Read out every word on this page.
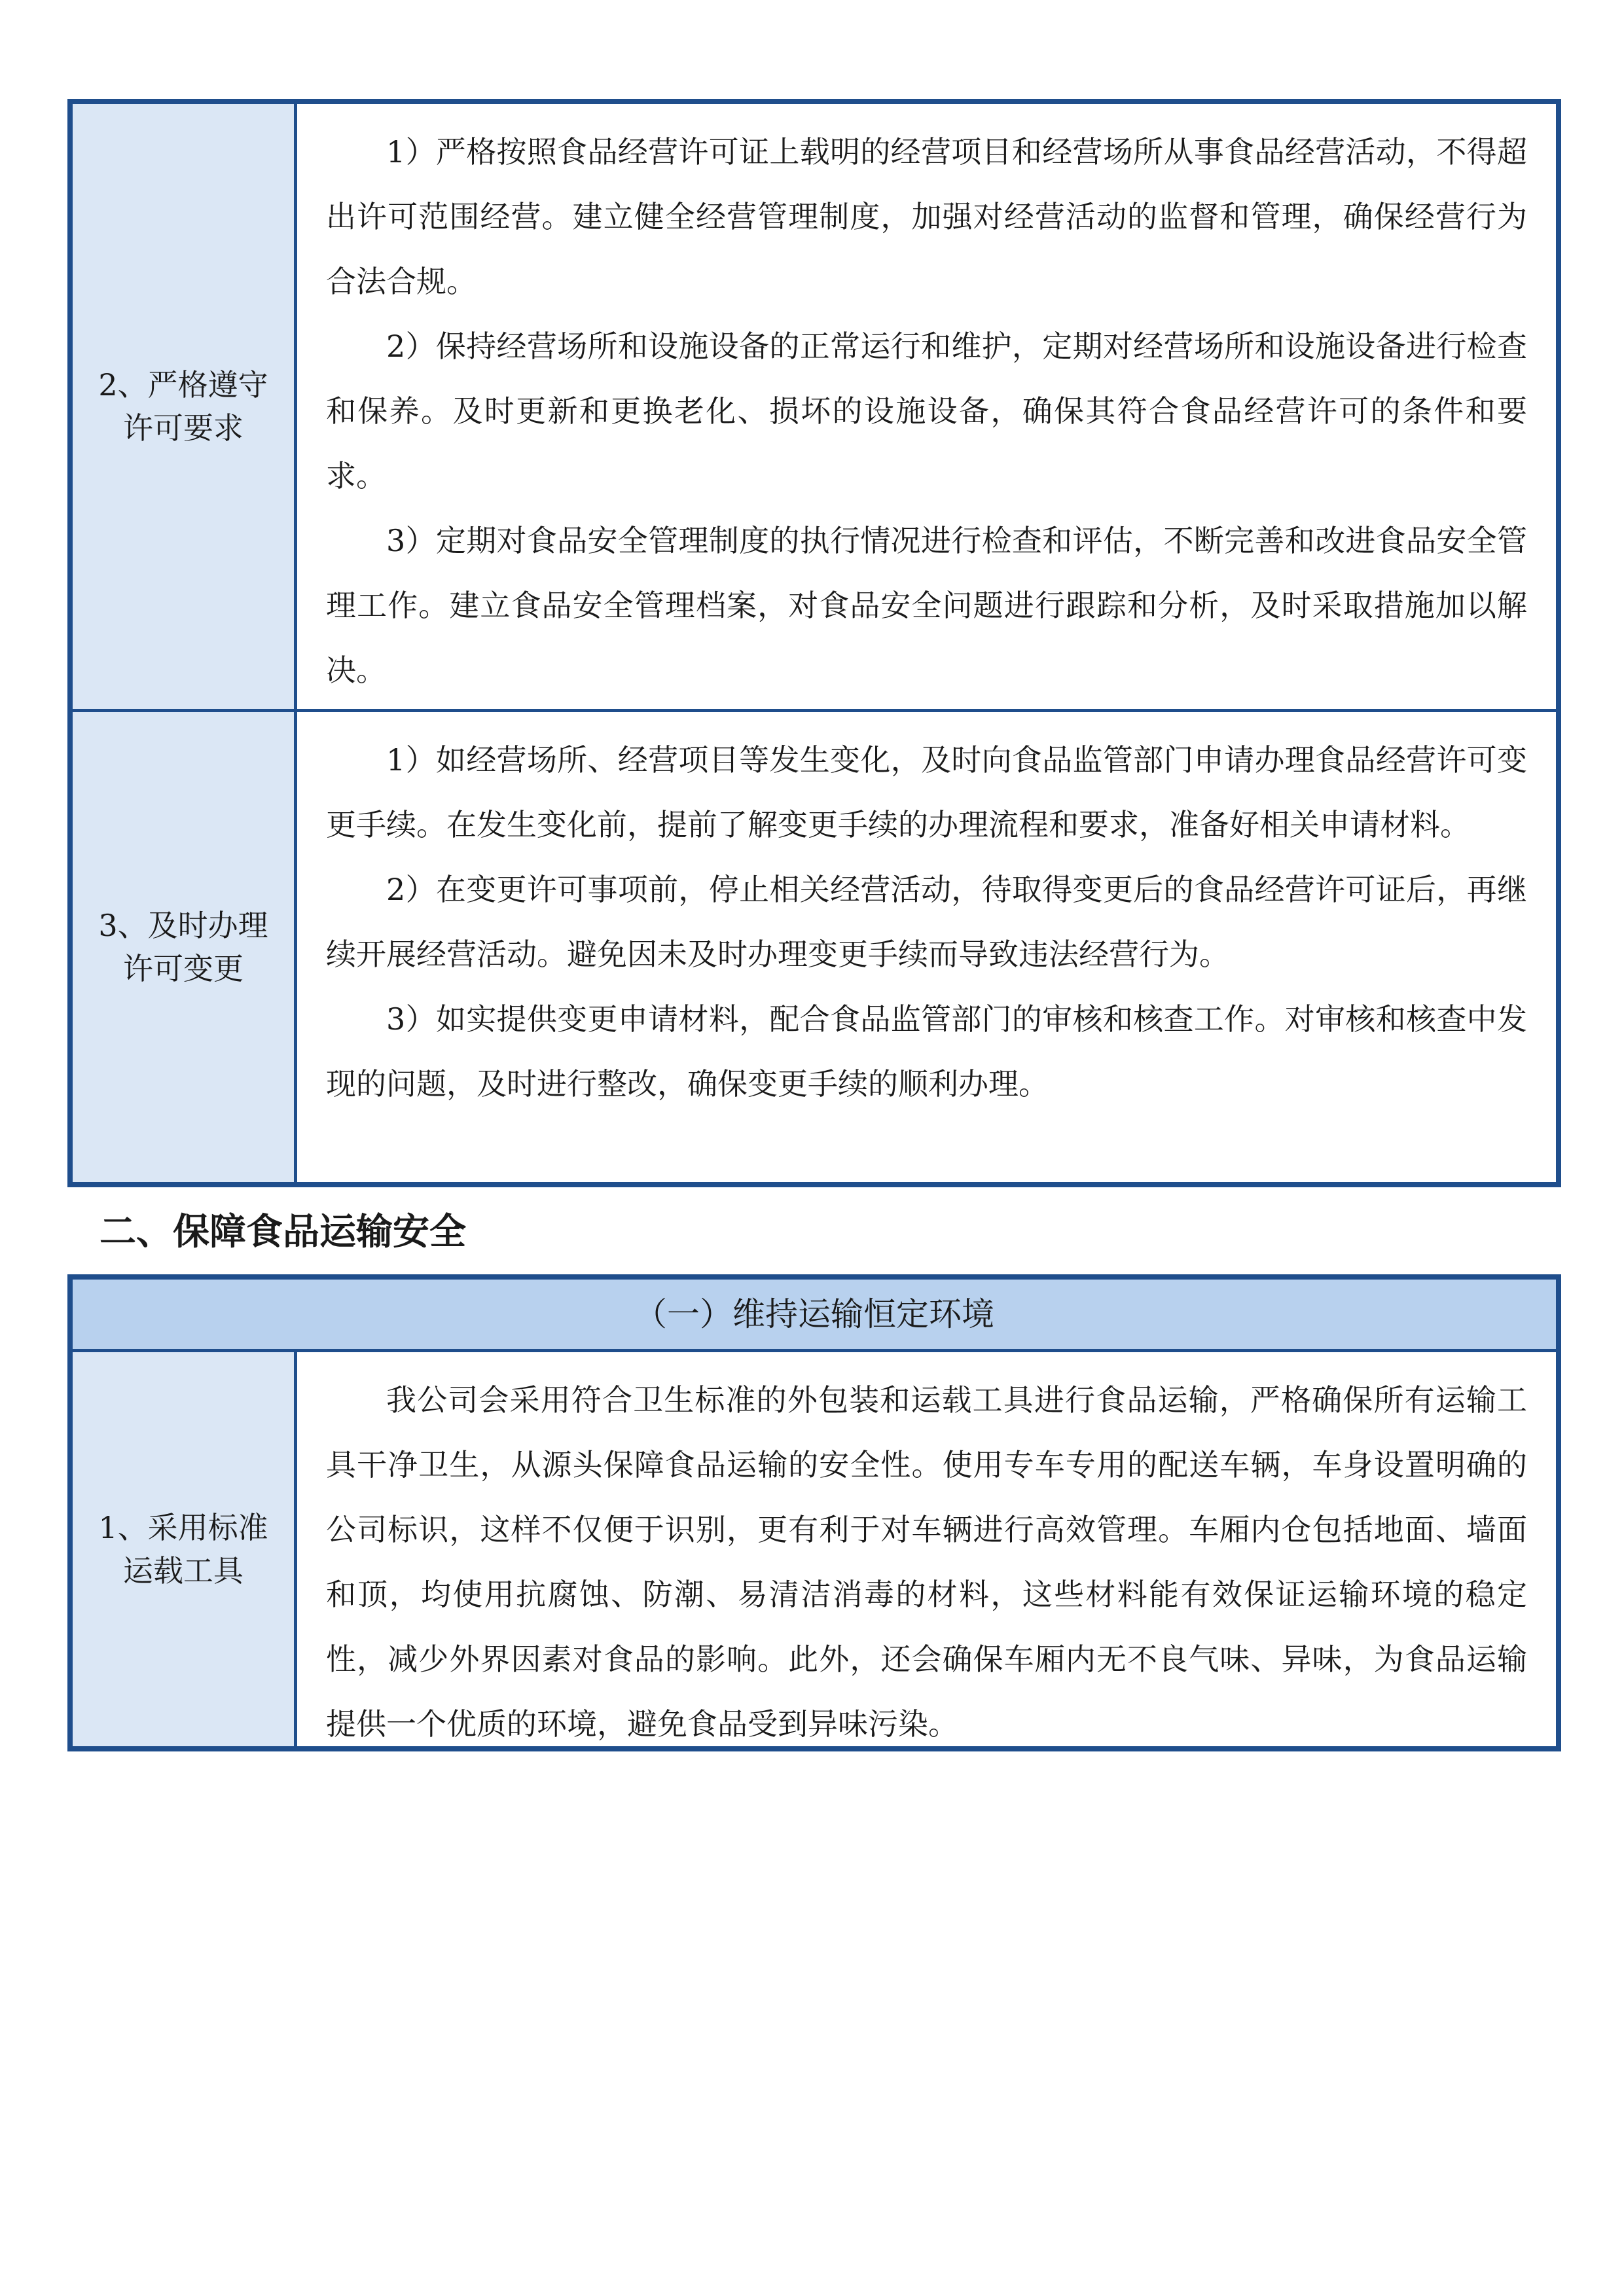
2、严格遵守许可要求

1）严格按照食品经营许可证上载明的经营项目和经营场所从事食品经营活动，不得超出许可范围经营。建立健全经营管理制度，加强对经营活动的监督和管理，确保经营行为合法合规。

2）保持经营场所和设施设备的正常运行和维护，定期对经营场所和设施设备进行检查和保养。及时更新和更换老化、损坏的设施设备，确保其符合食品经营许可的条件和要求。

3）定期对食品安全管理制度的执行情况进行检查和评估，不断完善和改进食品安全管理工作。建立食品安全管理档案，对食品安全问题进行跟踪和分析，及时采取措施加以解决。

3、及时办理许可变更

1）如经营场所、经营项目等发生变化，及时向食品监管部门申请办理食品经营许可变更手续。在发生变化前，提前了解变更手续的办理流程和要求，准备好相关申请材料。

2）在变更许可事项前，停止相关经营活动，待取得变更后的食品经营许可证后，再继续开展经营活动。避免因未及时办理变更手续而导致违法经营行为。

3）如实提供变更申请材料，配合食品监管部门的审核和核查工作。对审核和核查中发现的问题，及时进行整改，确保变更手续的顺利办理。

二、保障食品运输安全
（一）维持运输恒定环境
1、采用标准运载工具

我公司会采用符合卫生标准的外包装和运载工具进行食品运输，严格确保所有运输工具干净卫生，从源头保障食品运输的安全性。使用专车专用的配送车辆，车身设置明确的公司标识，这样不仅便于识别，更有利于对车辆进行高效管理。车厢内仓包括地面、墙面和顶，均使用抗腐蚀、防潮、易清洁消毒的材料，这些材料能有效保证运输环境的稳定性，减少外界因素对食品的影响。此外，还会确保车厢内无不良气味、异味，为食品运输提供一个优质的环境，避免食品受到异味污染。
